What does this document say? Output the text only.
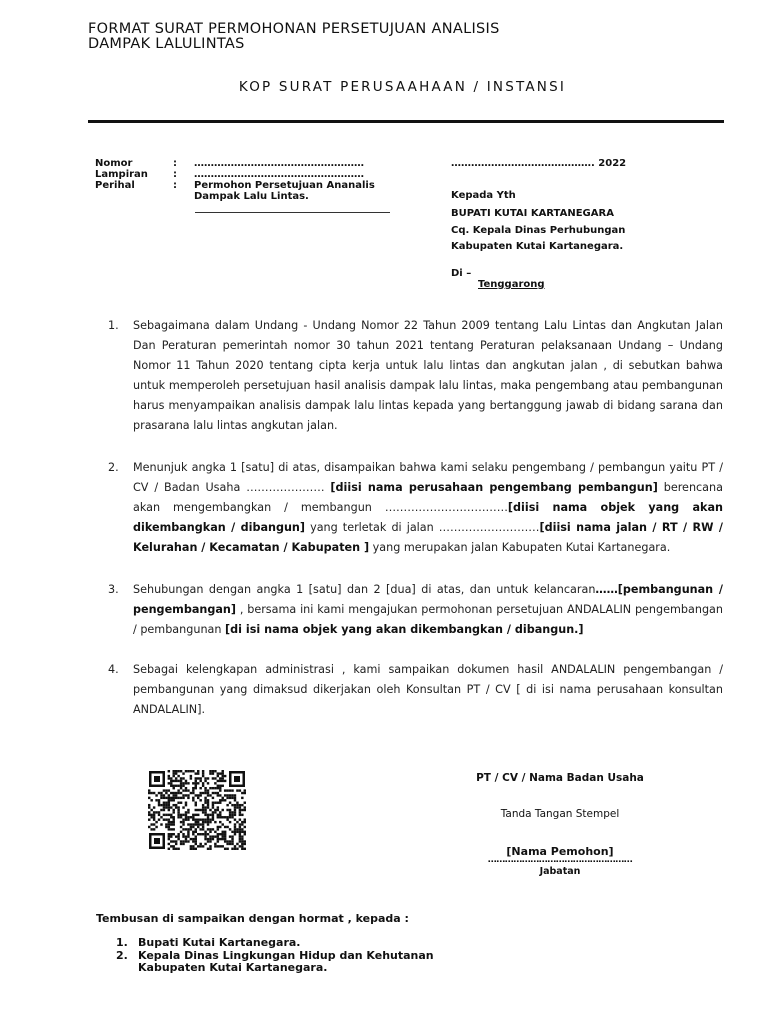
FORMAT SURAT PERMOHONAN PERSETUJUAN ANALISIS
DAMPAK LALULINTAS
KOP SURAT PERUSAAHAAN / INSTANSI
Nomor	:	……………………………………………
Lampiran	:	……………………………………………
Perihal	:	Permohon Persetujuan Ananalis
Dampak Lalu Lintas.
……………………………………. 2022
Kepada Yth
BUPATI KUTAI KARTANEGARA
Cq. Kepala Dinas Perhubungan
Kabupaten Kutai Kartanegara.
Di –
Tenggarong
1. Sebagaimana dalam Undang - Undang Nomor 22 Tahun 2009 tentang Lalu Lintas dan Angkutan Jalan Dan Peraturan pemerintah nomor 30 tahun 2021 tentang Peraturan pelaksanaan Undang – Undang Nomor 11 Tahun 2020 tentang cipta kerja untuk lalu lintas dan angkutan jalan , di sebutkan bahwa untuk memperoleh persetujuan hasil analisis dampak lalu lintas, maka pengembang atau pembangunan harus menyampaikan analisis dampak lalu lintas kepada yang bertanggung jawab di bidang sarana dan prasarana lalu lintas angkutan jalan.
2. Menunjuk angka 1 [satu] di atas, disampaikan bahwa kami selaku pengembang / pembangun yaitu PT / CV / Badan Usaha ………………… [diisi nama perusahaan pengembang pembangun] berencana akan mengembangkan / membangun ……………………………[diisi nama objek yang akan dikembangkan / dibangun] yang terletak di jalan ………………………[diisi nama jalan / RT / RW / Kelurahan / Kecamatan / Kabupaten ] yang merupakan jalan Kabupaten Kutai Kartanegara.
3. Sehubungan dengan angka 1 [satu] dan 2 [dua] di atas, dan untuk kelancaran……[pembangunan / pengembangan] , bersama ini kami mengajukan permohonan persetujuan ANDALALIN pengembangan / pembangunan [di isi nama objek yang akan dikembangkan / dibangun.]
4. Sebagai kelengkapan administrasi , kami sampaikan dokumen hasil ANDALALIN pengembangan / pembangunan yang dimaksud dikerjakan oleh Konsultan PT / CV [ di isi nama perusahaan konsultan ANDALALIN].
PT / CV / Nama Badan Usaha
Tanda Tangan Stempel
[Nama Pemohon]
……………………………………………
Jabatan
Tembusan di sampaikan dengan hormat , kepada :
1. Bupati Kutai Kartanegara.
2. Kepala Dinas Lingkungan Hidup dan Kehutanan
Kabupaten Kutai Kartanegara.
